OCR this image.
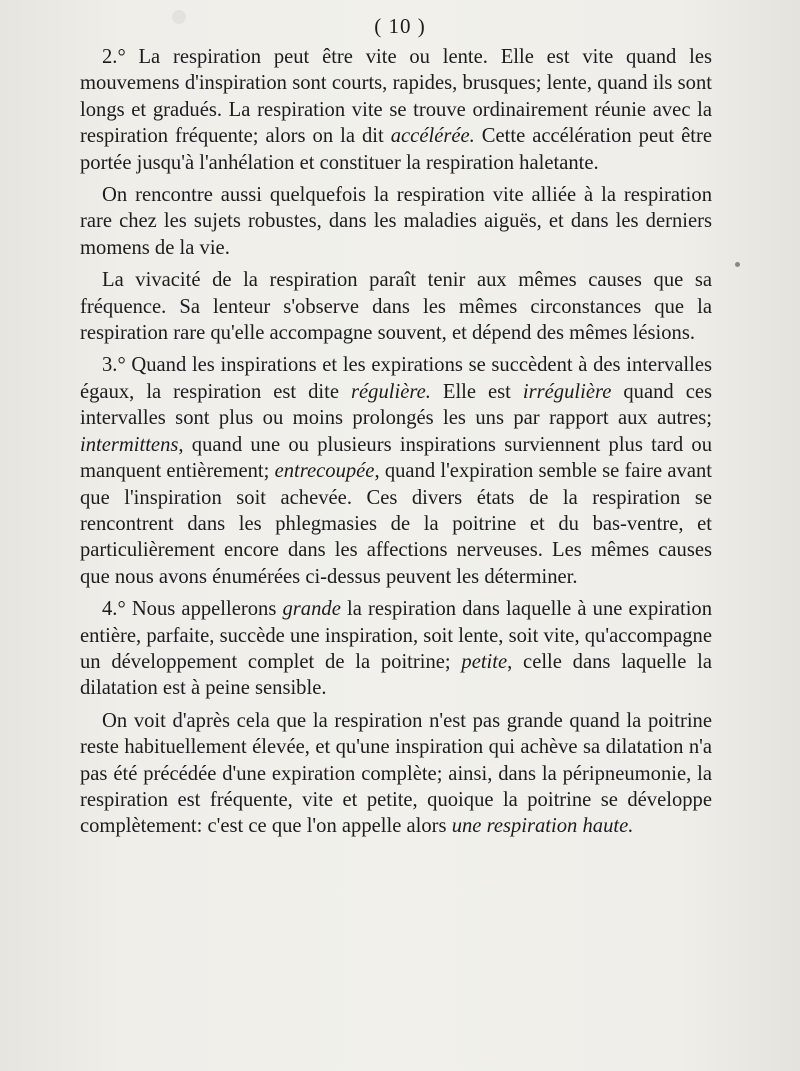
( 10 )

2.° La respiration peut être vite ou lente. Elle est vite quand les mouvemens d'inspiration sont courts, rapides, brusques; lente, quand ils sont longs et gradués. La respiration vite se trouve ordinairement réunie avec la respiration fréquente; alors on la dit accélérée. Cette accélération peut être portée jusqu'à l'anhélation et constituer la respiration haletante.

On rencontre aussi quelquefois la respiration vite alliée à la respiration rare chez les sujets robustes, dans les maladies aiguës, et dans les derniers momens de la vie.

La vivacité de la respiration paraît tenir aux mêmes causes que sa fréquence. Sa lenteur s'observe dans les mêmes circonstances que la respiration rare qu'elle accompagne souvent, et dépend des mêmes lésions.

3.° Quand les inspirations et les expirations se succèdent à des intervalles égaux, la respiration est dite régulière. Elle est irrégulière quand ces intervalles sont plus ou moins prolongés les uns par rapport aux autres; intermittens, quand une ou plusieurs inspirations surviennent plus tard ou manquent entièrement; entrecoupée, quand l'expiration semble se faire avant que l'inspiration soit achevée. Ces divers états de la respiration se rencontrent dans les phlegmasies de la poitrine et du bas-ventre, et particulièrement encore dans les affections nerveuses. Les mêmes causes que nous avons énumérées ci-dessus peuvent les déterminer.

4.° Nous appellerons grande la respiration dans laquelle à une expiration entière, parfaite, succède une inspiration, soit lente, soit vite, qu'accompagne un développement complet de la poitrine; petite, celle dans laquelle la dilatation est à peine sensible.

On voit d'après cela que la respiration n'est pas grande quand la poitrine reste habituellement élevée, et qu'une inspiration qui achève sa dilatation n'a pas été précédée d'une expiration complète; ainsi, dans la péripneumonie, la respiration est fréquente, vite et petite, quoique la poitrine se développe complètement: c'est ce que l'on appelle alors une respiration haute.
